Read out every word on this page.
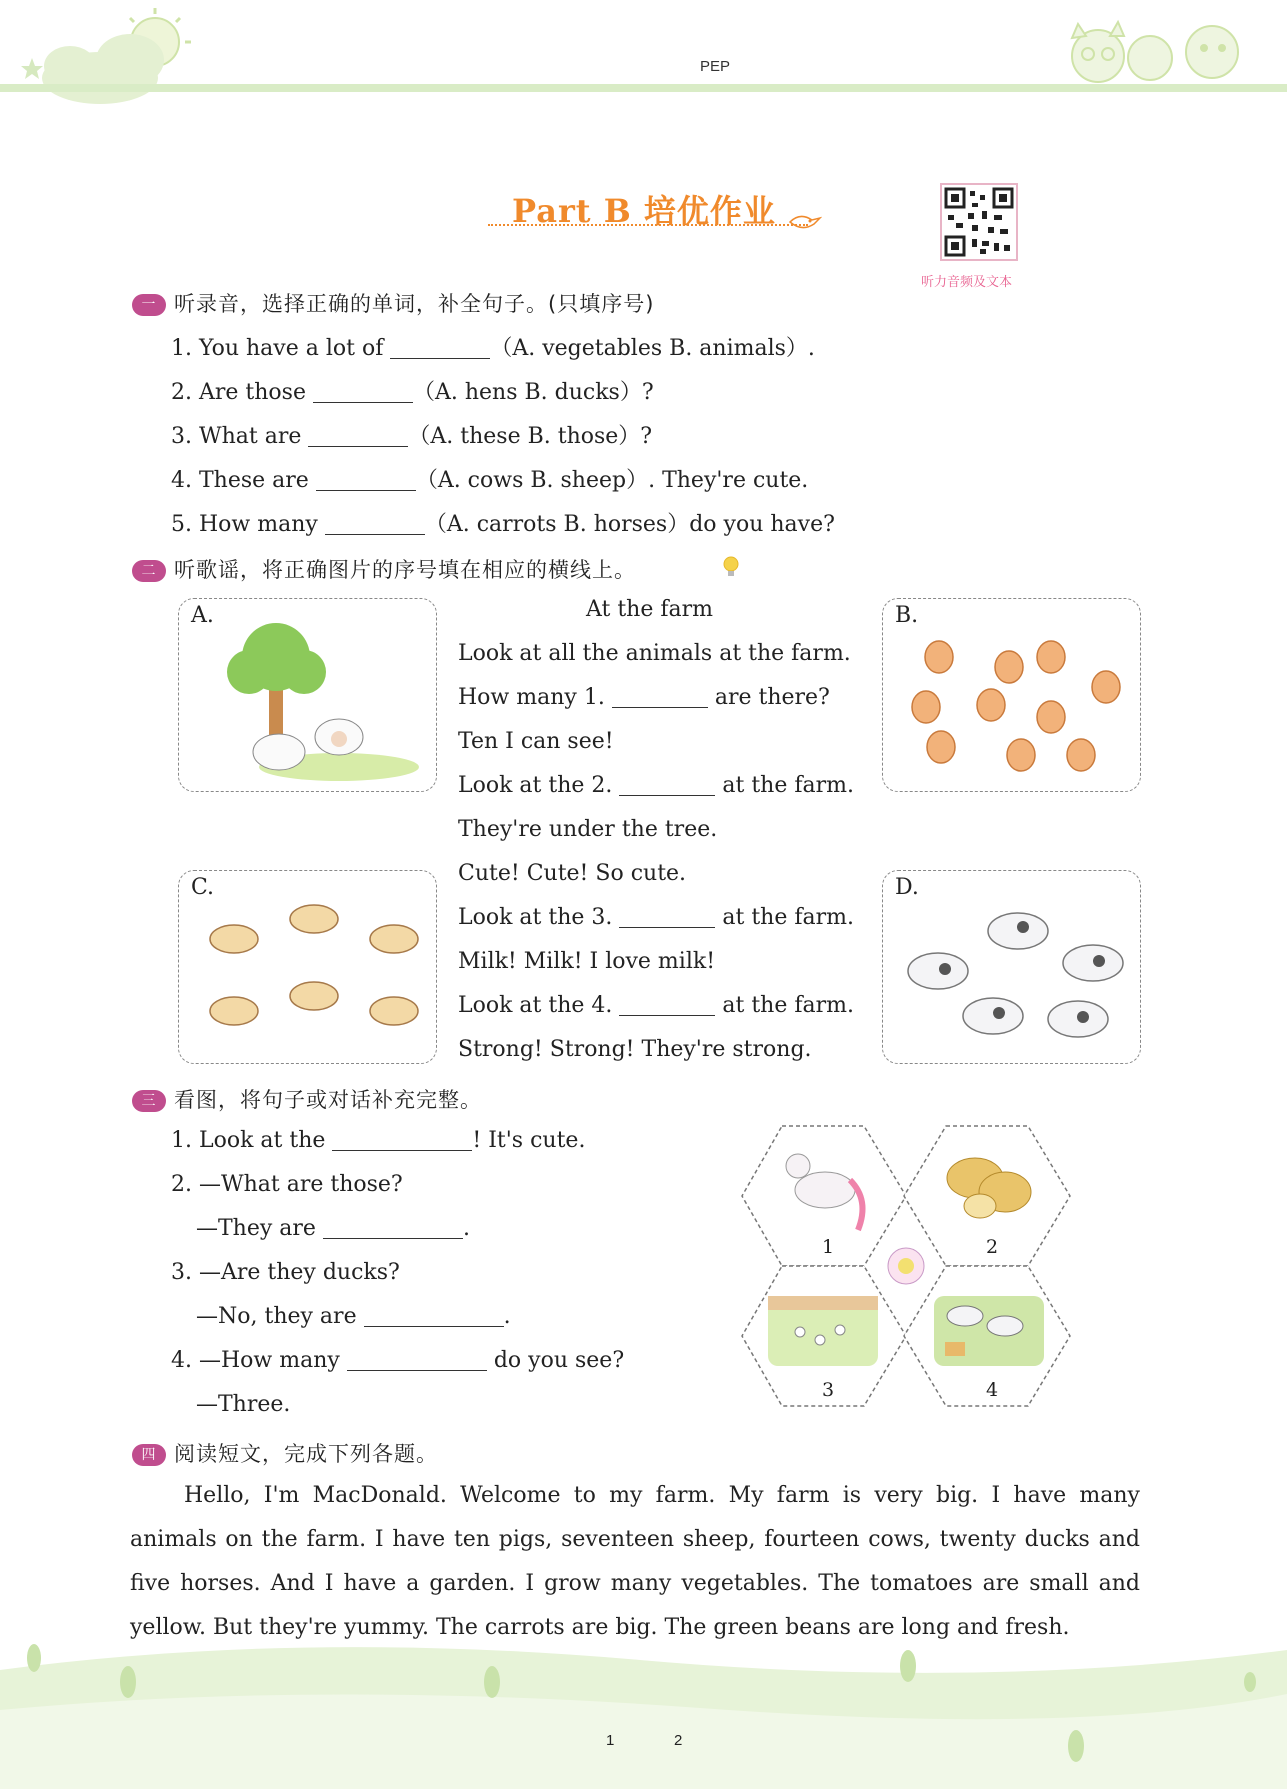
PEP
Part B 培优作业
听力音频及文本
一 听录音，选择正确的单词，补全句子。(只填序号)
1. You have a lot of	（A. vegetables B. animals）.
2. Are those	（A. hens B. ducks）?
3. What are	（A. these B. those）?
4. These are	（A. cows B. sheep）. They're cute.
5. How many	（A. carrots B. horses）do you have?
二 听歌谣，将正确图片的序号填在相应的横线上。
A.	B.
At the farm
Look at all the animals at the farm.
How many 1.	are there?
Ten I can see!
Look at the 2.	at the farm.
They're under the tree.
Cute! Cute! So cute.
Look at the 3.	at the farm.
Milk! Milk! I love milk!
Look at the 4.	at the farm.
Strong! Strong! They're strong.
C.	D.
三 看图，将句子或对话补充完整。
1. Look at the	! It's cute.
2. —What are those?
—They are	.
3. —Are they ducks?
—No, they are	.
4. —How many	do you see?
—Three.
1	2
3	4
四 阅读短文，完成下列各题。
Hello, I'm MacDonald. Welcome to my farm. My farm is very big. I have many animals on the farm. I have ten pigs, seventeen sheep, fourteen cows, twenty ducks and five horses. And I have a garden. I grow many vegetables. The tomatoes are small and yellow. But they're yummy. The carrots are big. The green beans are long and fresh.
1	2
